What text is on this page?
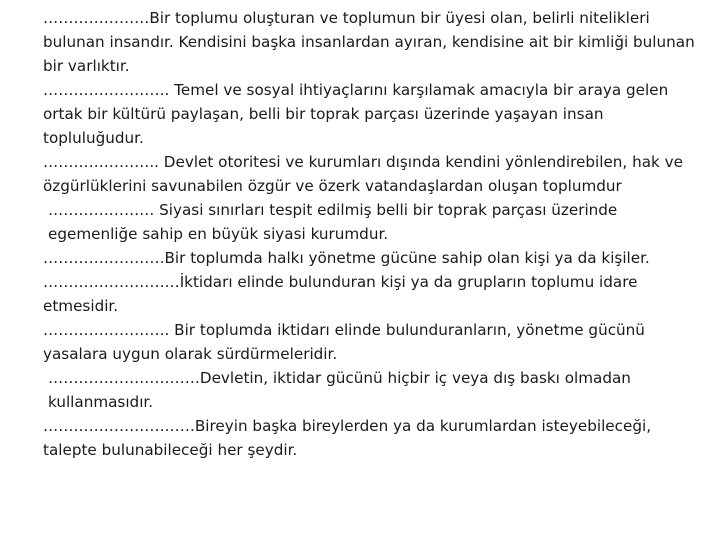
…………………Bir toplumu oluşturan ve toplumun bir üyesi olan, belirli nitelikleri bulunan insandır. Kendisini başka insanlardan ayıran, kendisine ait bir kimliği bulunan bir varlıktır.

……………………. Temel ve sosyal ihtiyaçlarını karşılamak amacıyla bir araya gelen ortak bir kültürü paylaşan, belli bir toprak parçası üzerinde yaşayan insan topluluğudur.

………………….. Devlet otoritesi ve kurumları dışında kendini yönlendirebilen, hak ve özgürlüklerini savunabilen özgür ve özerk vatandaşlardan oluşan toplumdur

………………… Siyasi sınırları tespit edilmiş belli bir toprak parçası üzerinde egemenliğe sahip en büyük siyasi kurumdur.

……………………Bir toplumda halkı yönetme gücüne sahip olan kişi ya da kişiler.

………………………İktidarı elinde bulunduran kişi ya da grupların toplumu idare etmesidir.

……………………. Bir toplumda iktidarı elinde bulunduranların, yönetme gücünü yasalara uygun olarak sürdürmeleridir.

…………………………Devletin, iktidar gücünü hiçbir iç veya dış baskı olmadan kullanmasıdır.

…………………………Bireyin başka bireylerden ya da kurumlardan isteyebileceği, talepte bulunabileceği her şeydir.
